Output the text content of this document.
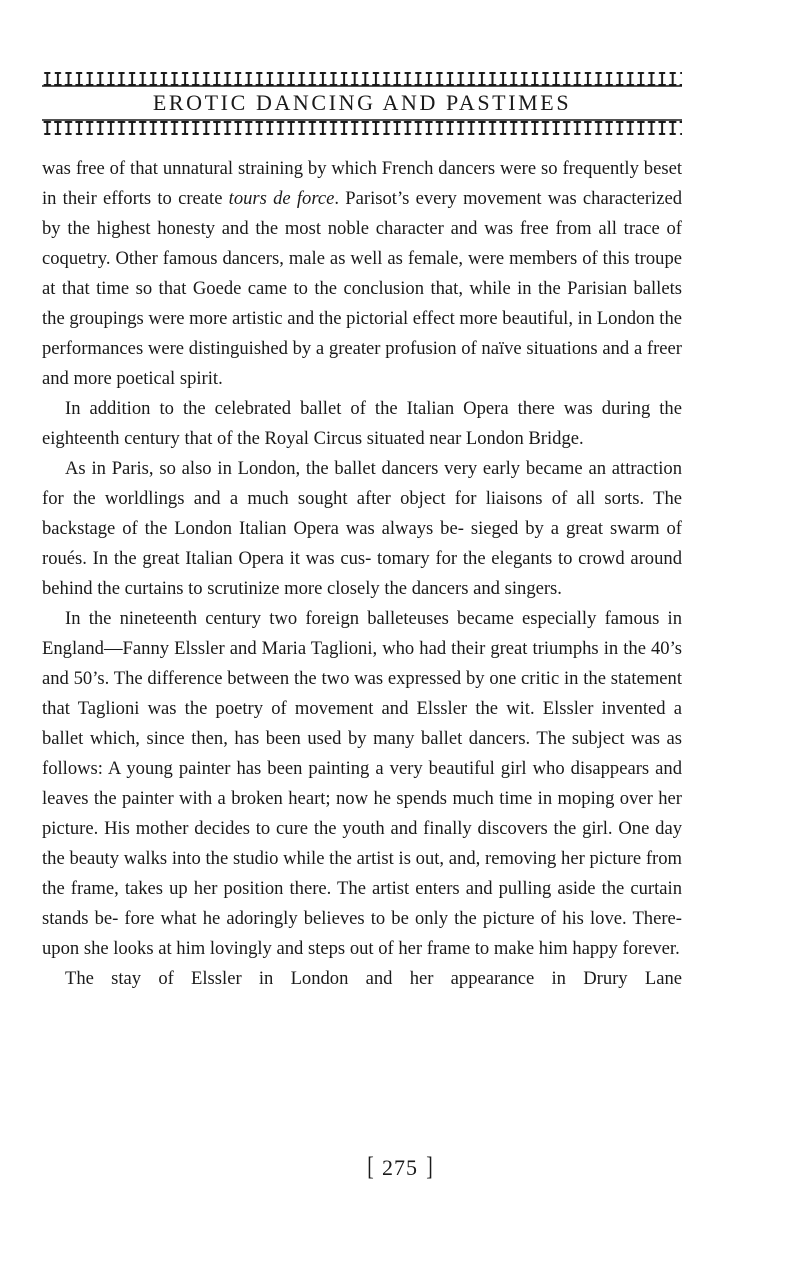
EROTIC DANCING AND PASTIMES

was free of that unnatural straining by which French dancers were so frequently beset in their efforts to create tours de force. Parisot’s every movement was characterized by the highest honesty and the most noble character and was free from all trace of coquetry. Other famous dancers, male as well as female, were members of this troupe at that time so that Goede came to the conclusion that, while in the Parisian ballets the groupings were more artistic and the pictorial effect more beautiful, in London the performances were distinguished by a greater profusion of naïve situations and a freer and more poetical spirit.

In addition to the celebrated ballet of the Italian Opera there was during the eighteenth century that of the Royal Circus situated near London Bridge.

As in Paris, so also in London, the ballet dancers very early became an attraction for the worldlings and a much sought after object for liaisons of all sorts. The backstage of the London Italian Opera was always be- sieged by a great swarm of roués. In the great Italian Opera it was cus- tomary for the elegants to crowd around behind the curtains to scrutinize more closely the dancers and singers.

In the nineteenth century two foreign balleteuses became especially famous in England—Fanny Elssler and Maria Taglioni, who had their great triumphs in the 40’s and 50’s. The difference between the two was expressed by one critic in the statement that Taglioni was the poetry of movement and Elssler the wit. Elssler invented a ballet which, since then, has been used by many ballet dancers. The subject was as follows: A young painter has been painting a very beautiful girl who disappears and leaves the painter with a broken heart; now he spends much time in moping over her picture. His mother decides to cure the youth and finally discovers the girl. One day the beauty walks into the studio while the artist is out, and, removing her picture from the frame, takes up her position there. The artist enters and pulling aside the curtain stands be- fore what he adoringly believes to be only the picture of his love. There- upon she looks at him lovingly and steps out of her frame to make him happy forever.

The stay of Elssler in London and her appearance in Drury Lane

[ 275 ]
